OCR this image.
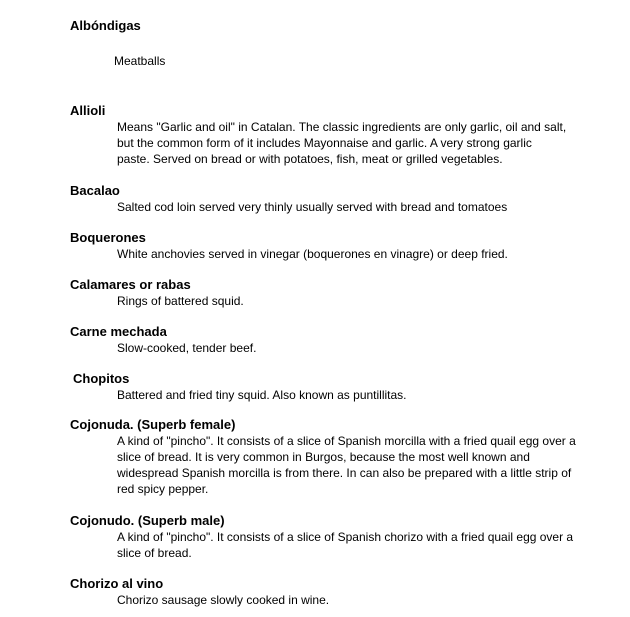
Albóndigas

Meatballs

Allioli

Means "Garlic and oil" in Catalan. The classic ingredients are only garlic, oil and salt, but the common form of it includes Mayonnaise and garlic. A very strong garlic paste. Served on bread or with potatoes, fish, meat or grilled vegetables.

Bacalao

Salted cod loin served very thinly usually served with bread and tomatoes

Boquerones

White anchovies served in vinegar (boquerones en vinagre) or deep fried.

Calamares or rabas

Rings of battered squid.

Carne mechada

Slow-cooked, tender beef.

Chopitos

Battered and fried tiny squid. Also known as puntillitas.

Cojonuda. (Superb female)

A kind of "pincho". It consists of a slice of Spanish morcilla with a fried quail egg over a slice of bread. It is very common in Burgos, because the most well known and widespread Spanish morcilla is from there. In can also be prepared with a little strip of red spicy pepper.

Cojonudo. (Superb male)

A kind of "pincho". It consists of a slice of Spanish chorizo with a fried quail egg over a slice of bread.

Chorizo al vino

Chorizo sausage slowly cooked in wine.
